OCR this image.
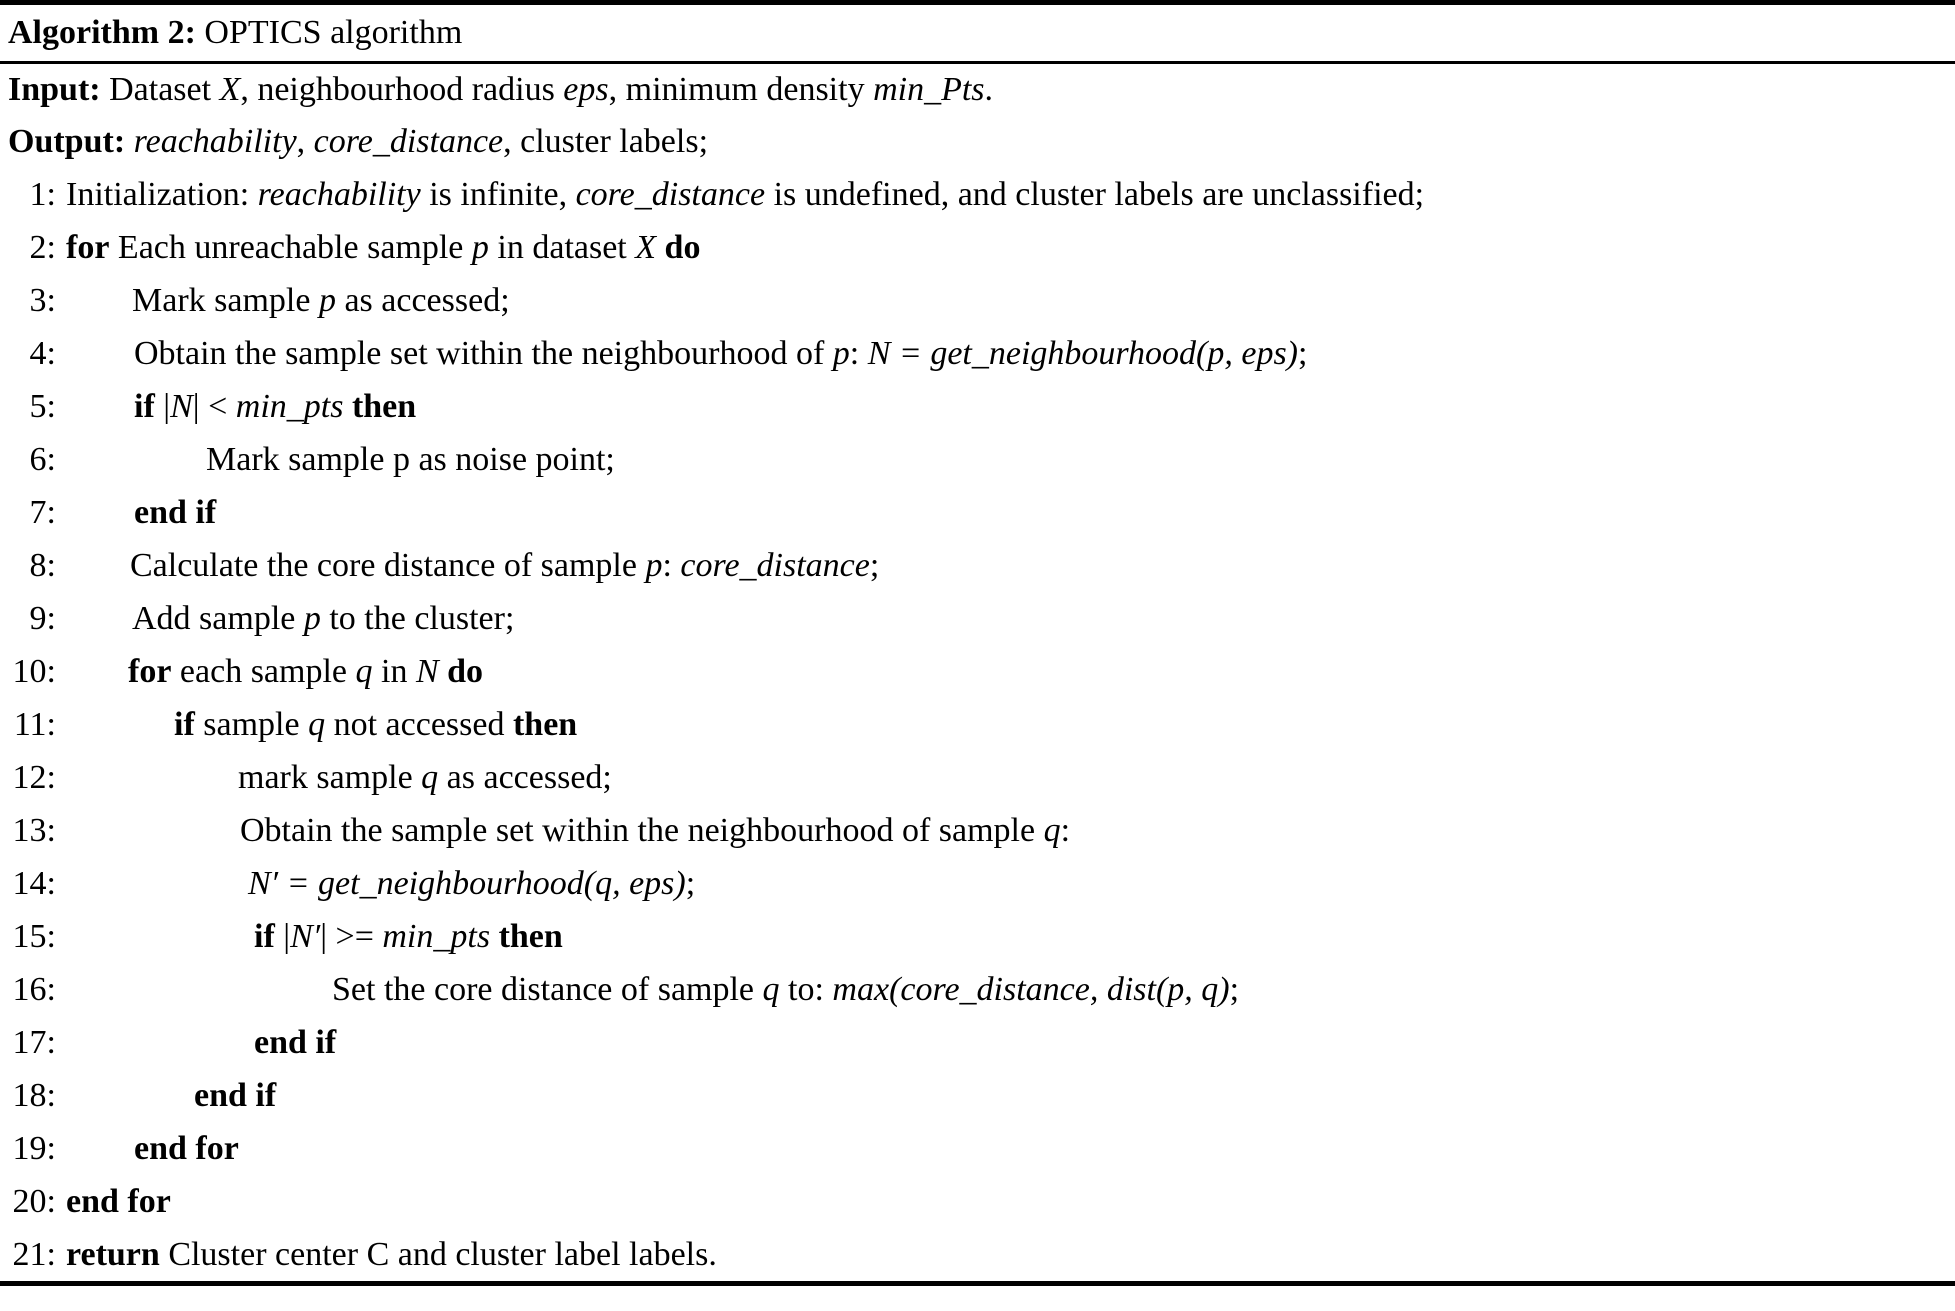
Algorithm 2: OPTICS algorithm
Input: Dataset X, neighbourhood radius eps, minimum density min_Pts.
Output: reachability, core_distance, cluster labels;
1: Initialization: reachability is infinite, core_distance is undefined, and cluster labels are unclassified;
2: for Each unreachable sample p in dataset X do
3:	Mark sample p as accessed;
4:	Obtain the sample set within the neighbourhood of p: N = get_neighbourhood(p, eps);
5:	if |N| < min_pts then
6:	Mark sample p as noise point;
7:	end if
8:	Calculate the core distance of sample p: core_distance;
9:	Add sample p to the cluster;
10:	for each sample q in N do
11:	if sample q not accessed then
12:	mark sample q as accessed;
13:	Obtain the sample set within the neighbourhood of sample q:
14:	N′ = get_neighbourhood(q, eps);
15:	if |N′| >= min_pts then
16:	Set the core distance of sample q to: max(core_distance, dist(p, q);
17:	end if
18:	end if
19:	end for
20: end for
21: return Cluster center C and cluster label labels.
